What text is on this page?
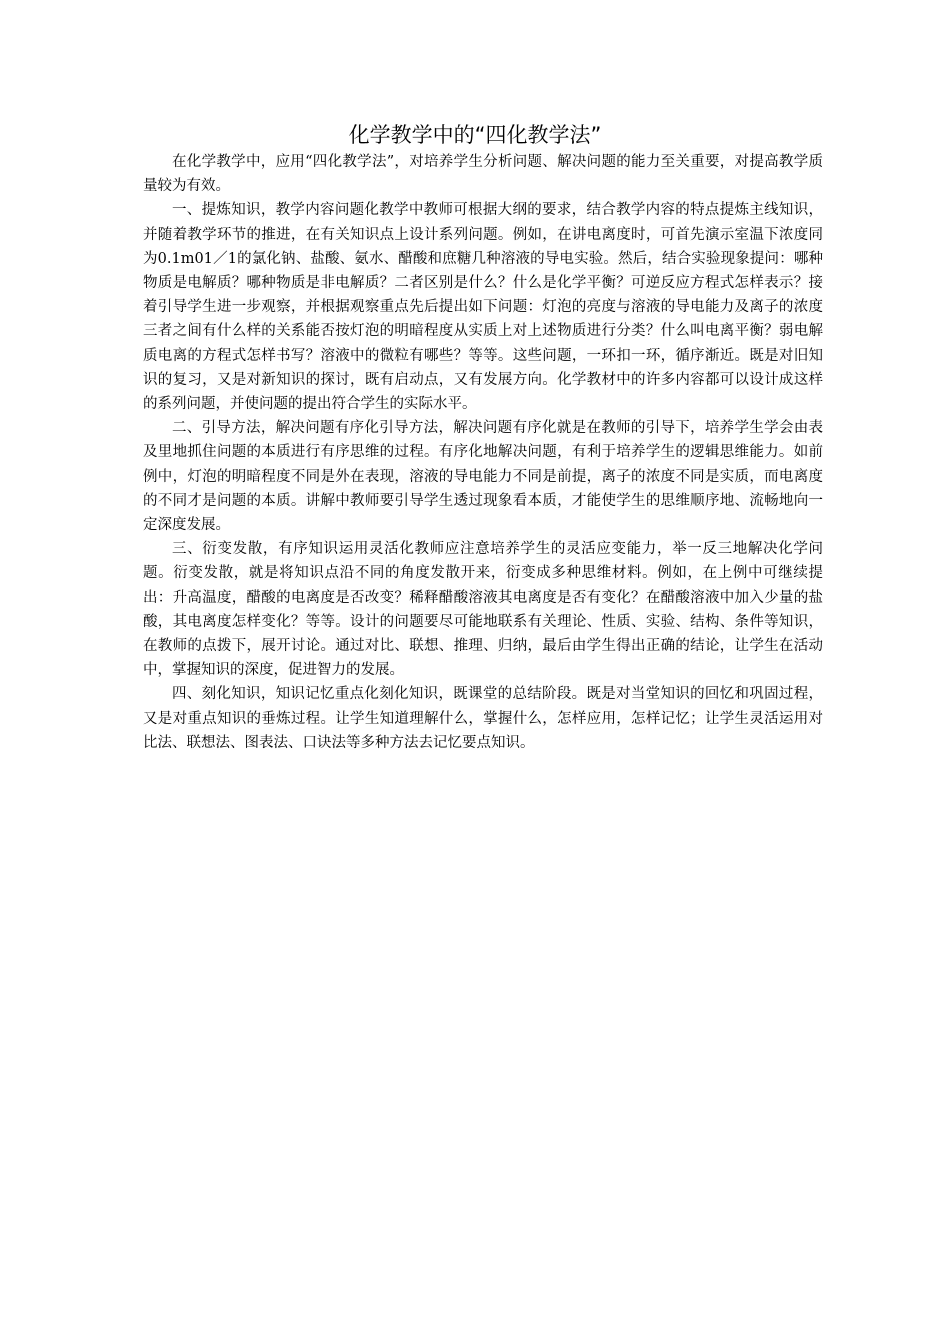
化学教学中的“四化教学法”

在化学教学中，应用“四化教学法”，对培养学生分析问题、解决问题的能力至关重要，对提高教学质量较为有效。

一、提炼知识，教学内容问题化教学中教师可根据大纲的要求，结合教学内容的特点提炼主线知识，并随着教学环节的推进，在有关知识点上设计系列问题。例如，在讲电离度时，可首先演示室温下浓度同为0.1m01／1的氯化钠、盐酸、氨水、醋酸和庶糖几种溶液的导电实验。然后，结合实验现象提问：哪种物质是电解质？哪种物质是非电解质？二者区别是什么？什么是化学平衡？可逆反应方程式怎样表示？接着引导学生进一步观察，并根据观察重点先后提出如下问题：灯泡的亮度与溶液的导电能力及离子的浓度三者之间有什么样的关系能否按灯泡的明暗程度从实质上对上述物质进行分类？什么叫电离平衡？弱电解质电离的方程式怎样书写？溶液中的微粒有哪些？等等。这些问题，一环扣一环，循序渐近。既是对旧知识的复习，又是对新知识的探讨，既有启动点，又有发展方向。化学教材中的许多内容都可以设计成这样的系列问题，并使问题的提出符合学生的实际水平。

二、引导方法，解决问题有序化引导方法，解决问题有序化就是在教师的引导下，培养学生学会由表及里地抓住问题的本质进行有序思维的过程。有序化地解决问题，有利于培养学生的逻辑思维能力。如前例中，灯泡的明暗程度不同是外在表现，溶液的导电能力不同是前提，离子的浓度不同是实质，而电离度的不同才是问题的本质。讲解中教师要引导学生透过现象看本质，才能使学生的思维顺序地、流畅地向一定深度发展。

三、衍变发散，有序知识运用灵活化教师应注意培养学生的灵活应变能力，举一反三地解决化学问题。衍变发散，就是将知识点沿不同的角度发散开来，衍变成多种思维材料。例如，在上例中可继续提出：升高温度，醋酸的电离度是否改变？稀释醋酸溶液其电离度是否有变化？在醋酸溶液中加入少量的盐酸，其电离度怎样变化？等等。设计的问题要尽可能地联系有关理论、性质、实验、结构、条件等知识，在教师的点拨下，展开讨论。通过对比、联想、推理、归纳，最后由学生得出正确的结论，让学生在活动中，掌握知识的深度，促进智力的发展。

四、刻化知识，知识记忆重点化刻化知识，既课堂的总结阶段。既是对当堂知识的回忆和巩固过程，又是对重点知识的垂炼过程。让学生知道理解什么，掌握什么，怎样应用，怎样记忆；让学生灵活运用对比法、联想法、图表法、口诀法等多种方法去记忆要点知识。
